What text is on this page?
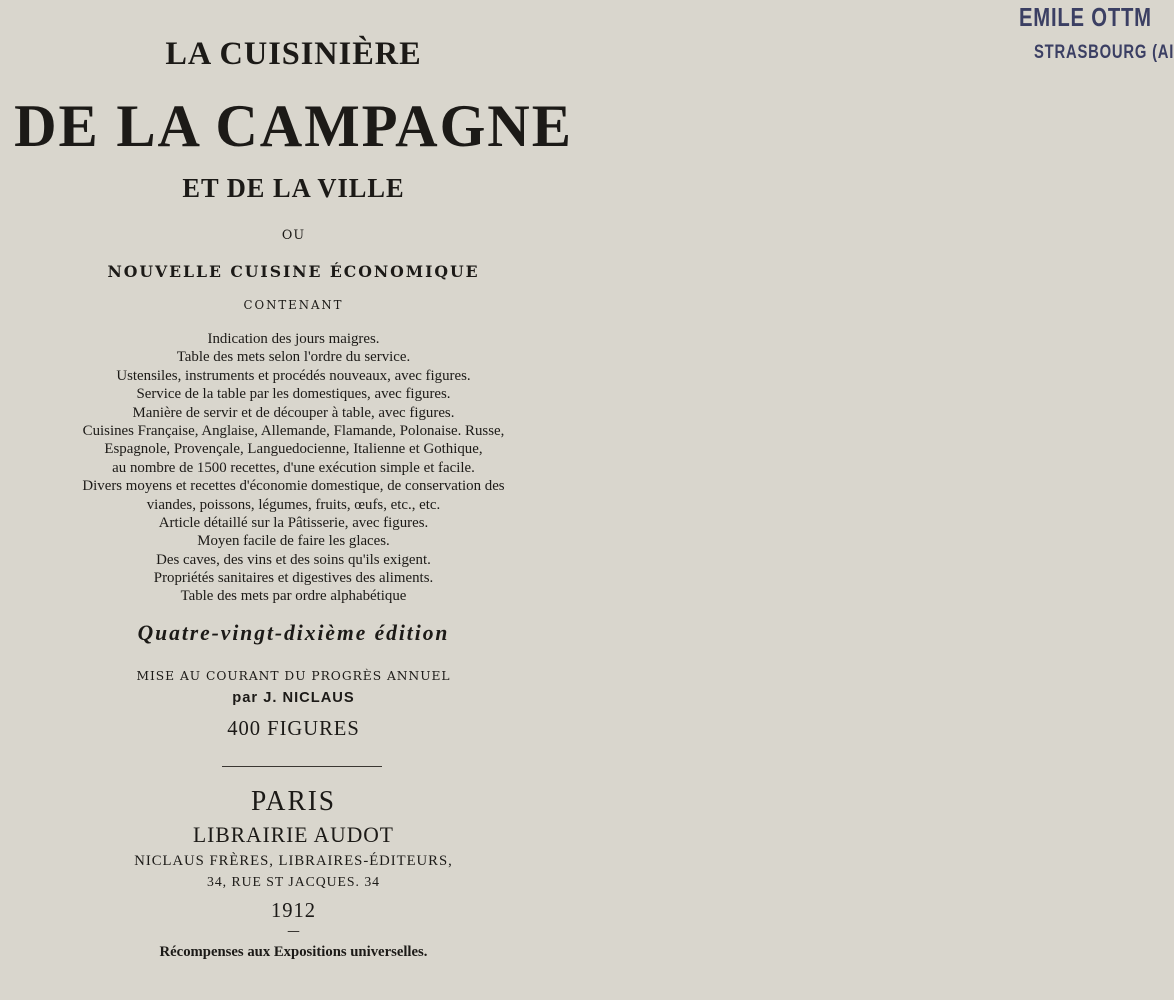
EMILE OTTM
STRASBOURG (AI
LA CUISINIÈRE
DE LA CAMPAGNE
ET DE LA VILLE
OU
NOUVELLE CUISINE ÉCONOMIQUE
CONTENANT
Indication des jours maigres.
Table des mets selon l'ordre du service.
Ustensiles, instruments et procédés nouveaux, avec figures.
Service de la table par les domestiques, avec figures.
Manière de servir et de découper à table, avec figures.
Cuisines Française, Anglaise, Allemande, Flamande, Polonaise. Russe,
Espagnole, Provençale, Languedocienne, Italienne et Gothique,
au nombre de 1500 recettes, d'une exécution simple et facile.
Divers moyens et recettes d'économie domestique, de conservation des
viandes, poissons, légumes, fruits, œufs, etc., etc.
Article détaillé sur la Pâtisserie, avec figures.
Moyen facile de faire les glaces.
Des caves, des vins et des soins qu'ils exigent.
Propriétés sanitaires et digestives des aliments.
Table des mets par ordre alphabétique
Quatre-vingt-dixième édition
MISE AU COURANT DU PROGRÈS ANNUEL
par J. NICLAUS
400 FIGURES
PARIS
LIBRAIRIE AUDOT
NICLAUS FRÈRES, LIBRAIRES-ÉDITEURS,
34, RUE ST JACQUES. 34
1912
—
Récompenses aux Expositions universelles.
